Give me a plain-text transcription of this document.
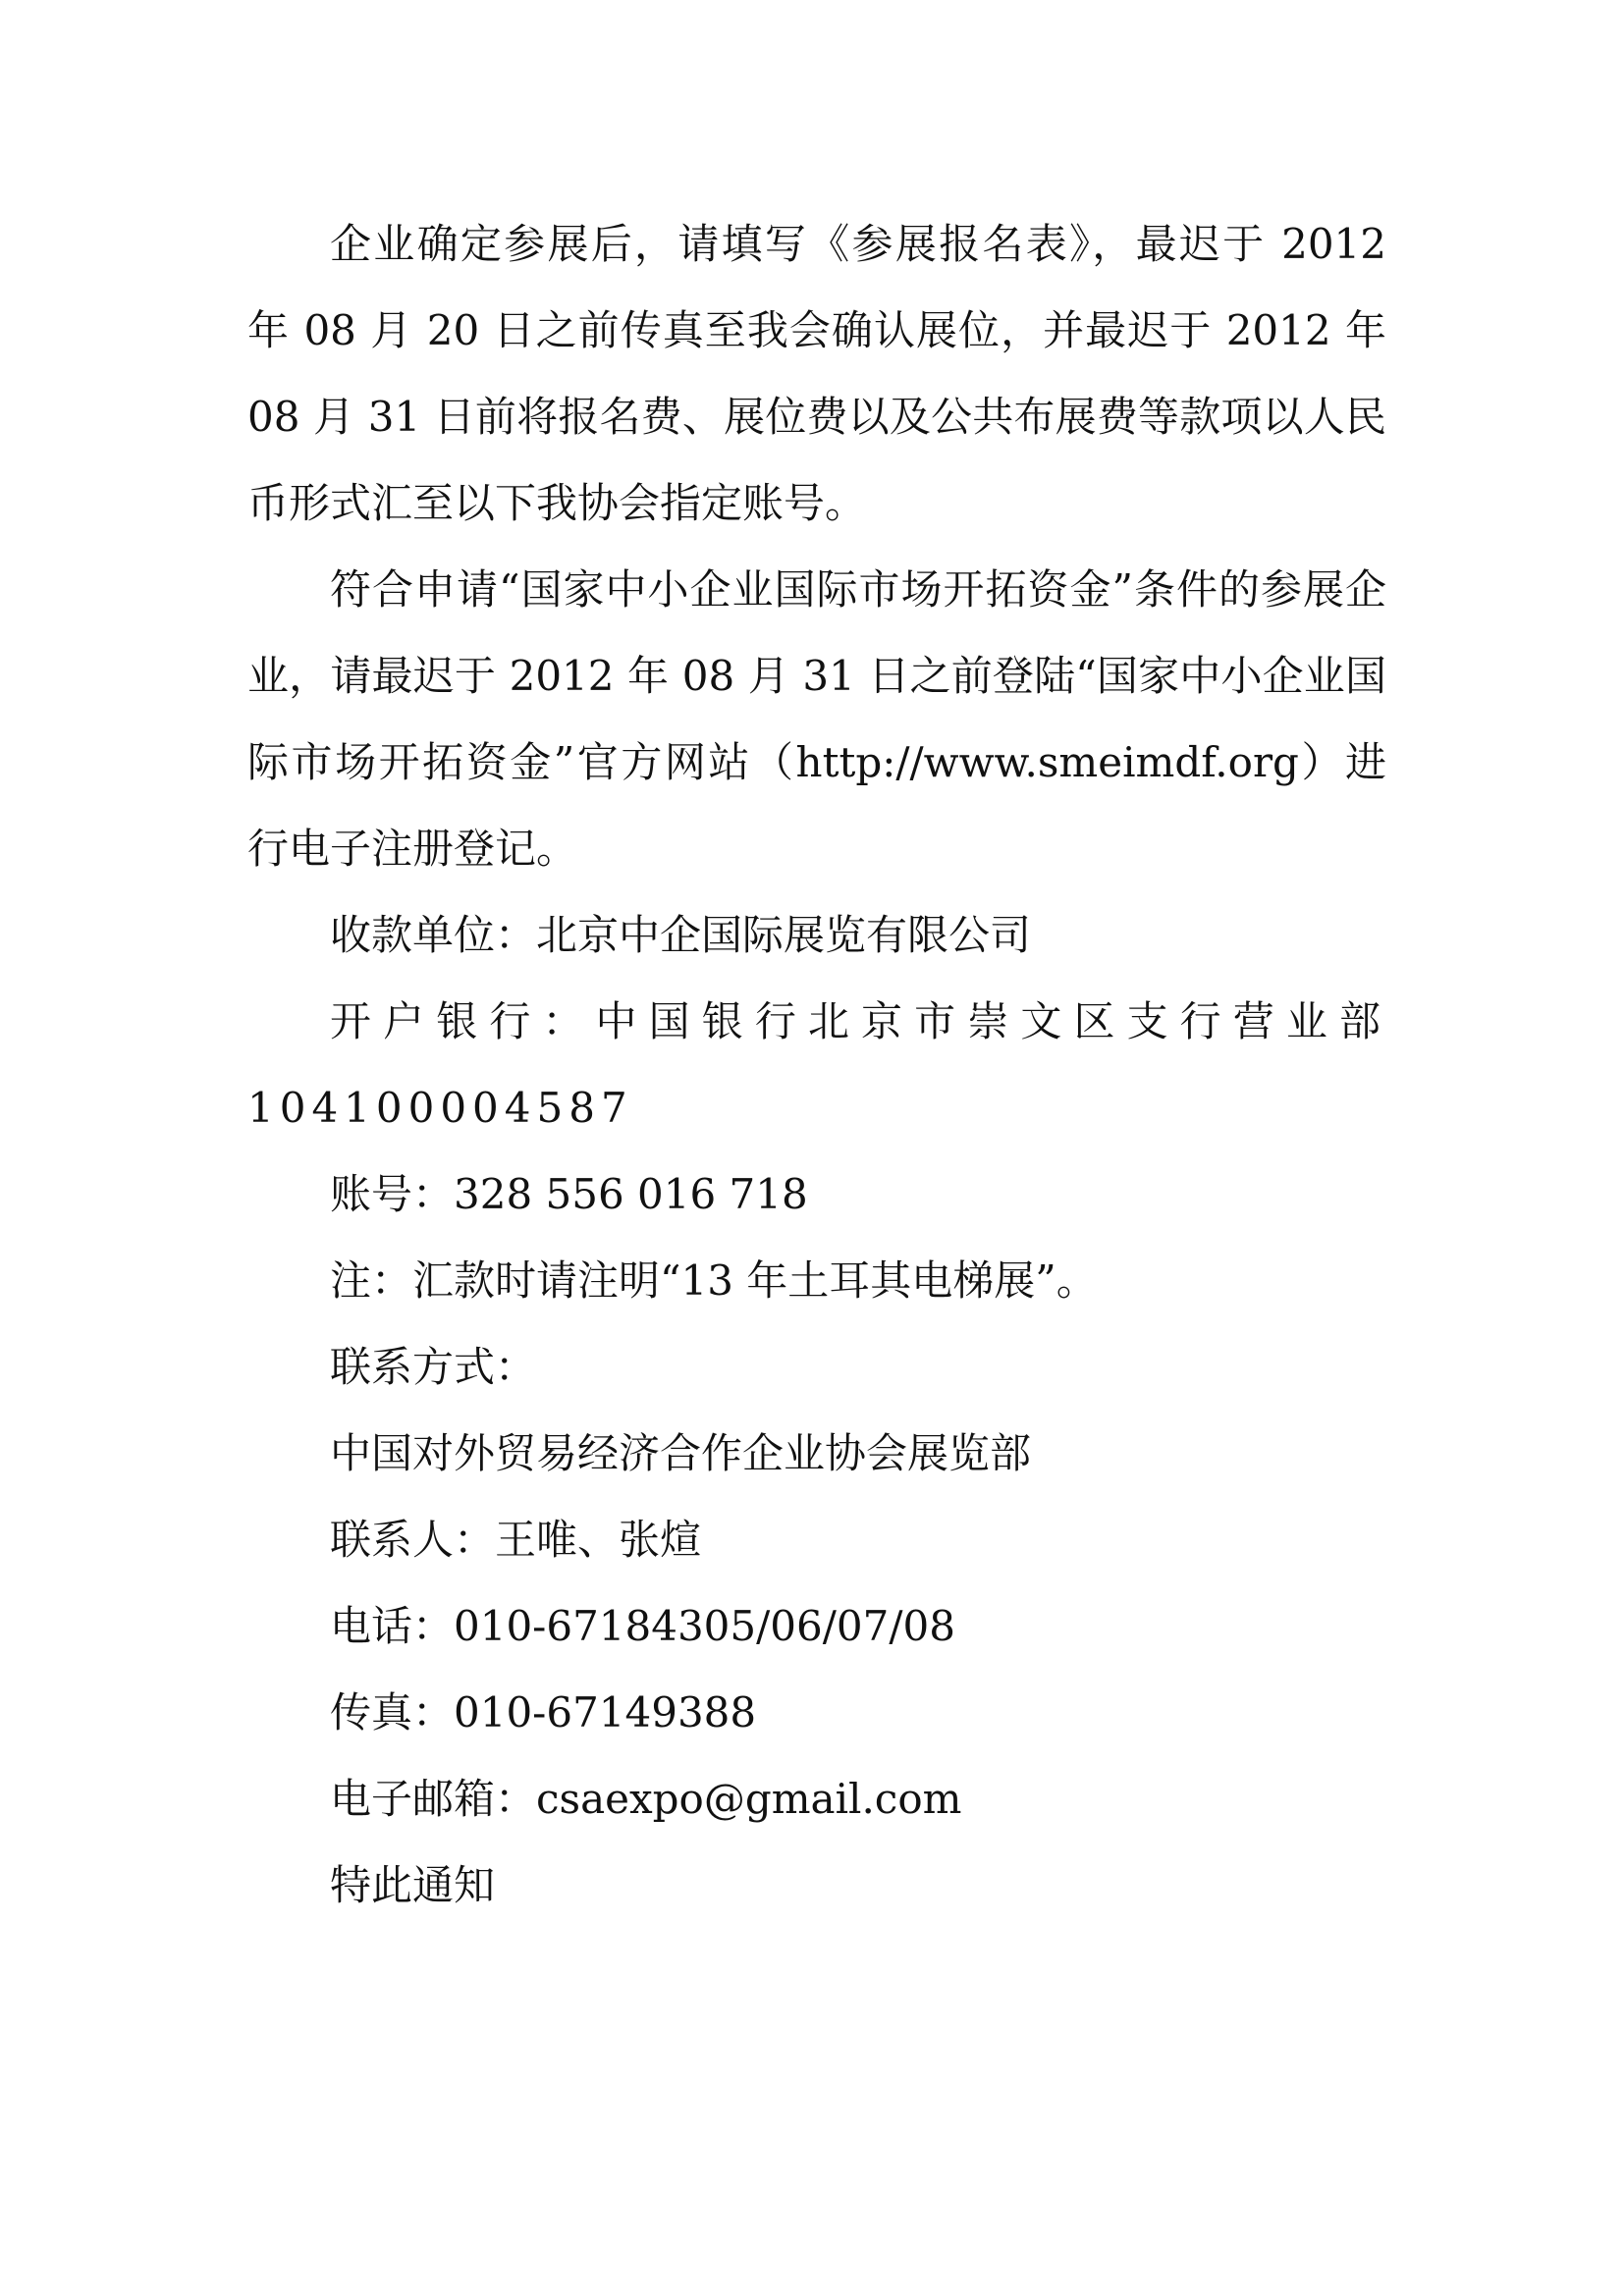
企业确定参展后，请填写《参展报名表》，最迟于 2012 年 08 月 20 日之前传真至我会确认展位，并最迟于 2012 年 08 月 31 日前将报名费、展位费以及公共布展费等款项以人民币形式汇至以下我协会指定账号。

符合申请“国家中小企业国际市场开拓资金”条件的参展企业，请最迟于 2012 年 08 月 31 日之前登陆“国家中小企业国际市场开拓资金”官方网站（http://www.smeimdf.org）进行电子注册登记。

收款单位：北京中企国际展览有限公司

开户银行：中国银行北京市崇文区支行营业部 104100004587

账号：328 556 016 718

注：汇款时请注明“13 年土耳其电梯展”。

联系方式：

中国对外贸易经济合作企业协会展览部

联系人：王唯、张煊

电话：010-67184305/06/07/08

传真：010-67149388

电子邮箱：csaexpo@gmail.com

特此通知
